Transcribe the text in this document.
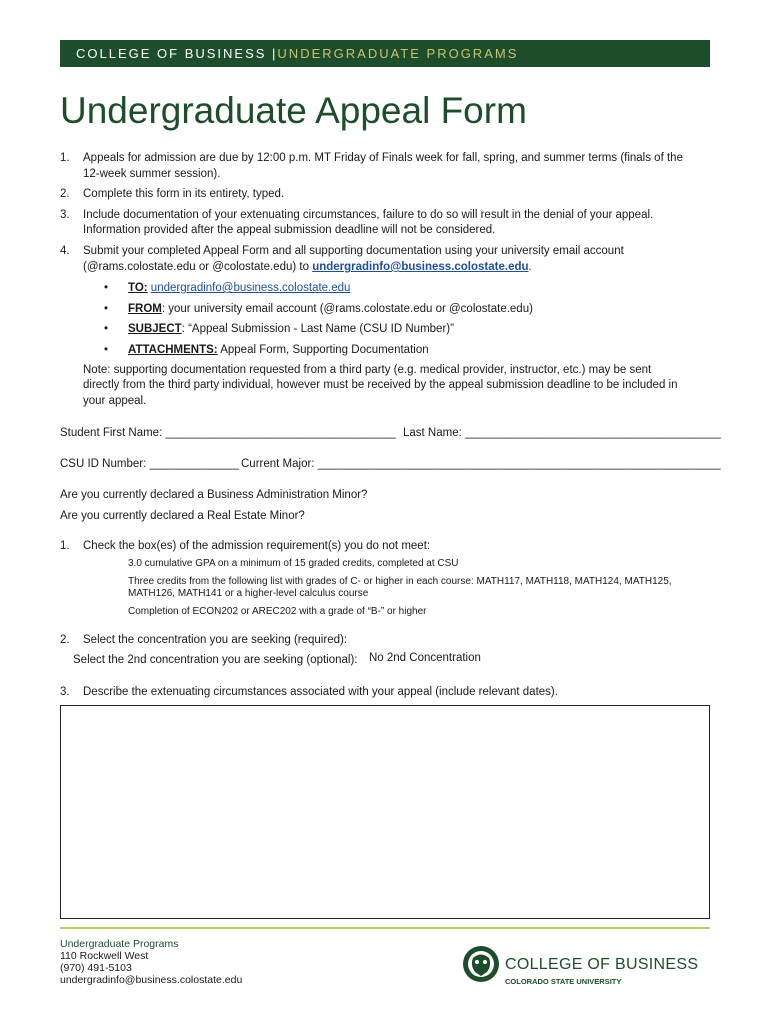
COLLEGE OF BUSINESS | UNDERGRADUATE PROGRAMS
Undergraduate Appeal Form
1. Appeals for admission are due by 12:00 p.m. MT Friday of Finals week for fall, spring, and summer terms (finals of the
12-week summer session).
2. Complete this form in its entirety, typed.
3. Include documentation of your extenuating circumstances, failure to do so will result in the denial of your appeal.
Information provided after the appeal submission deadline will not be considered.
4. Submit your completed Appeal Form and all supporting documentation using your university email account
(@rams.colostate.edu or @colostate.edu) to undergradinfo@business.colostate.edu.
• TO: undergradinfo@business.colostate.edu
• FROM: your university email account (@rams.colostate.edu or @colostate.edu)
• SUBJECT: “Appeal Submission - Last Name (CSU ID Number)”
• ATTACHMENTS: Appeal Form, Supporting Documentation
Note: supporting documentation requested from a third party (e.g. medical provider, instructor, etc.) may be sent
directly from the third party individual, however must be received by the appeal submission deadline to be included in
your appeal.
Student First Name: ____________________________________ Last Name: ________________________________________
CSU ID Number: ______________ Current Major: _______________________________________________________________
Are you currently declared a Business Administration Minor?
Are you currently declared a Real Estate Minor?
1. Check the box(es) of the admission requirement(s) you do not meet:
3.0 cumulative GPA on a minimum of 15 graded credits, completed at CSU
Three credits from the following list with grades of C- or higher in each course: MATH117, MATH118, MATH124, MATH125,
MATH126, MATH141 or a higher-level calculus course
Completion of ECON202 or AREC202 with a grade of “B-” or higher
2. Select the concentration you are seeking (required):
Select the 2nd concentration you are seeking (optional): No 2nd Concentration
3. Describe the extenuating circumstances associated with your appeal (include relevant dates).
Undergraduate Programs
110 Rockwell West
(970) 491-5103
undergradinfo@business.colostate.edu
COLLEGE OF BUSINESS
COLORADO STATE UNIVERSITY
